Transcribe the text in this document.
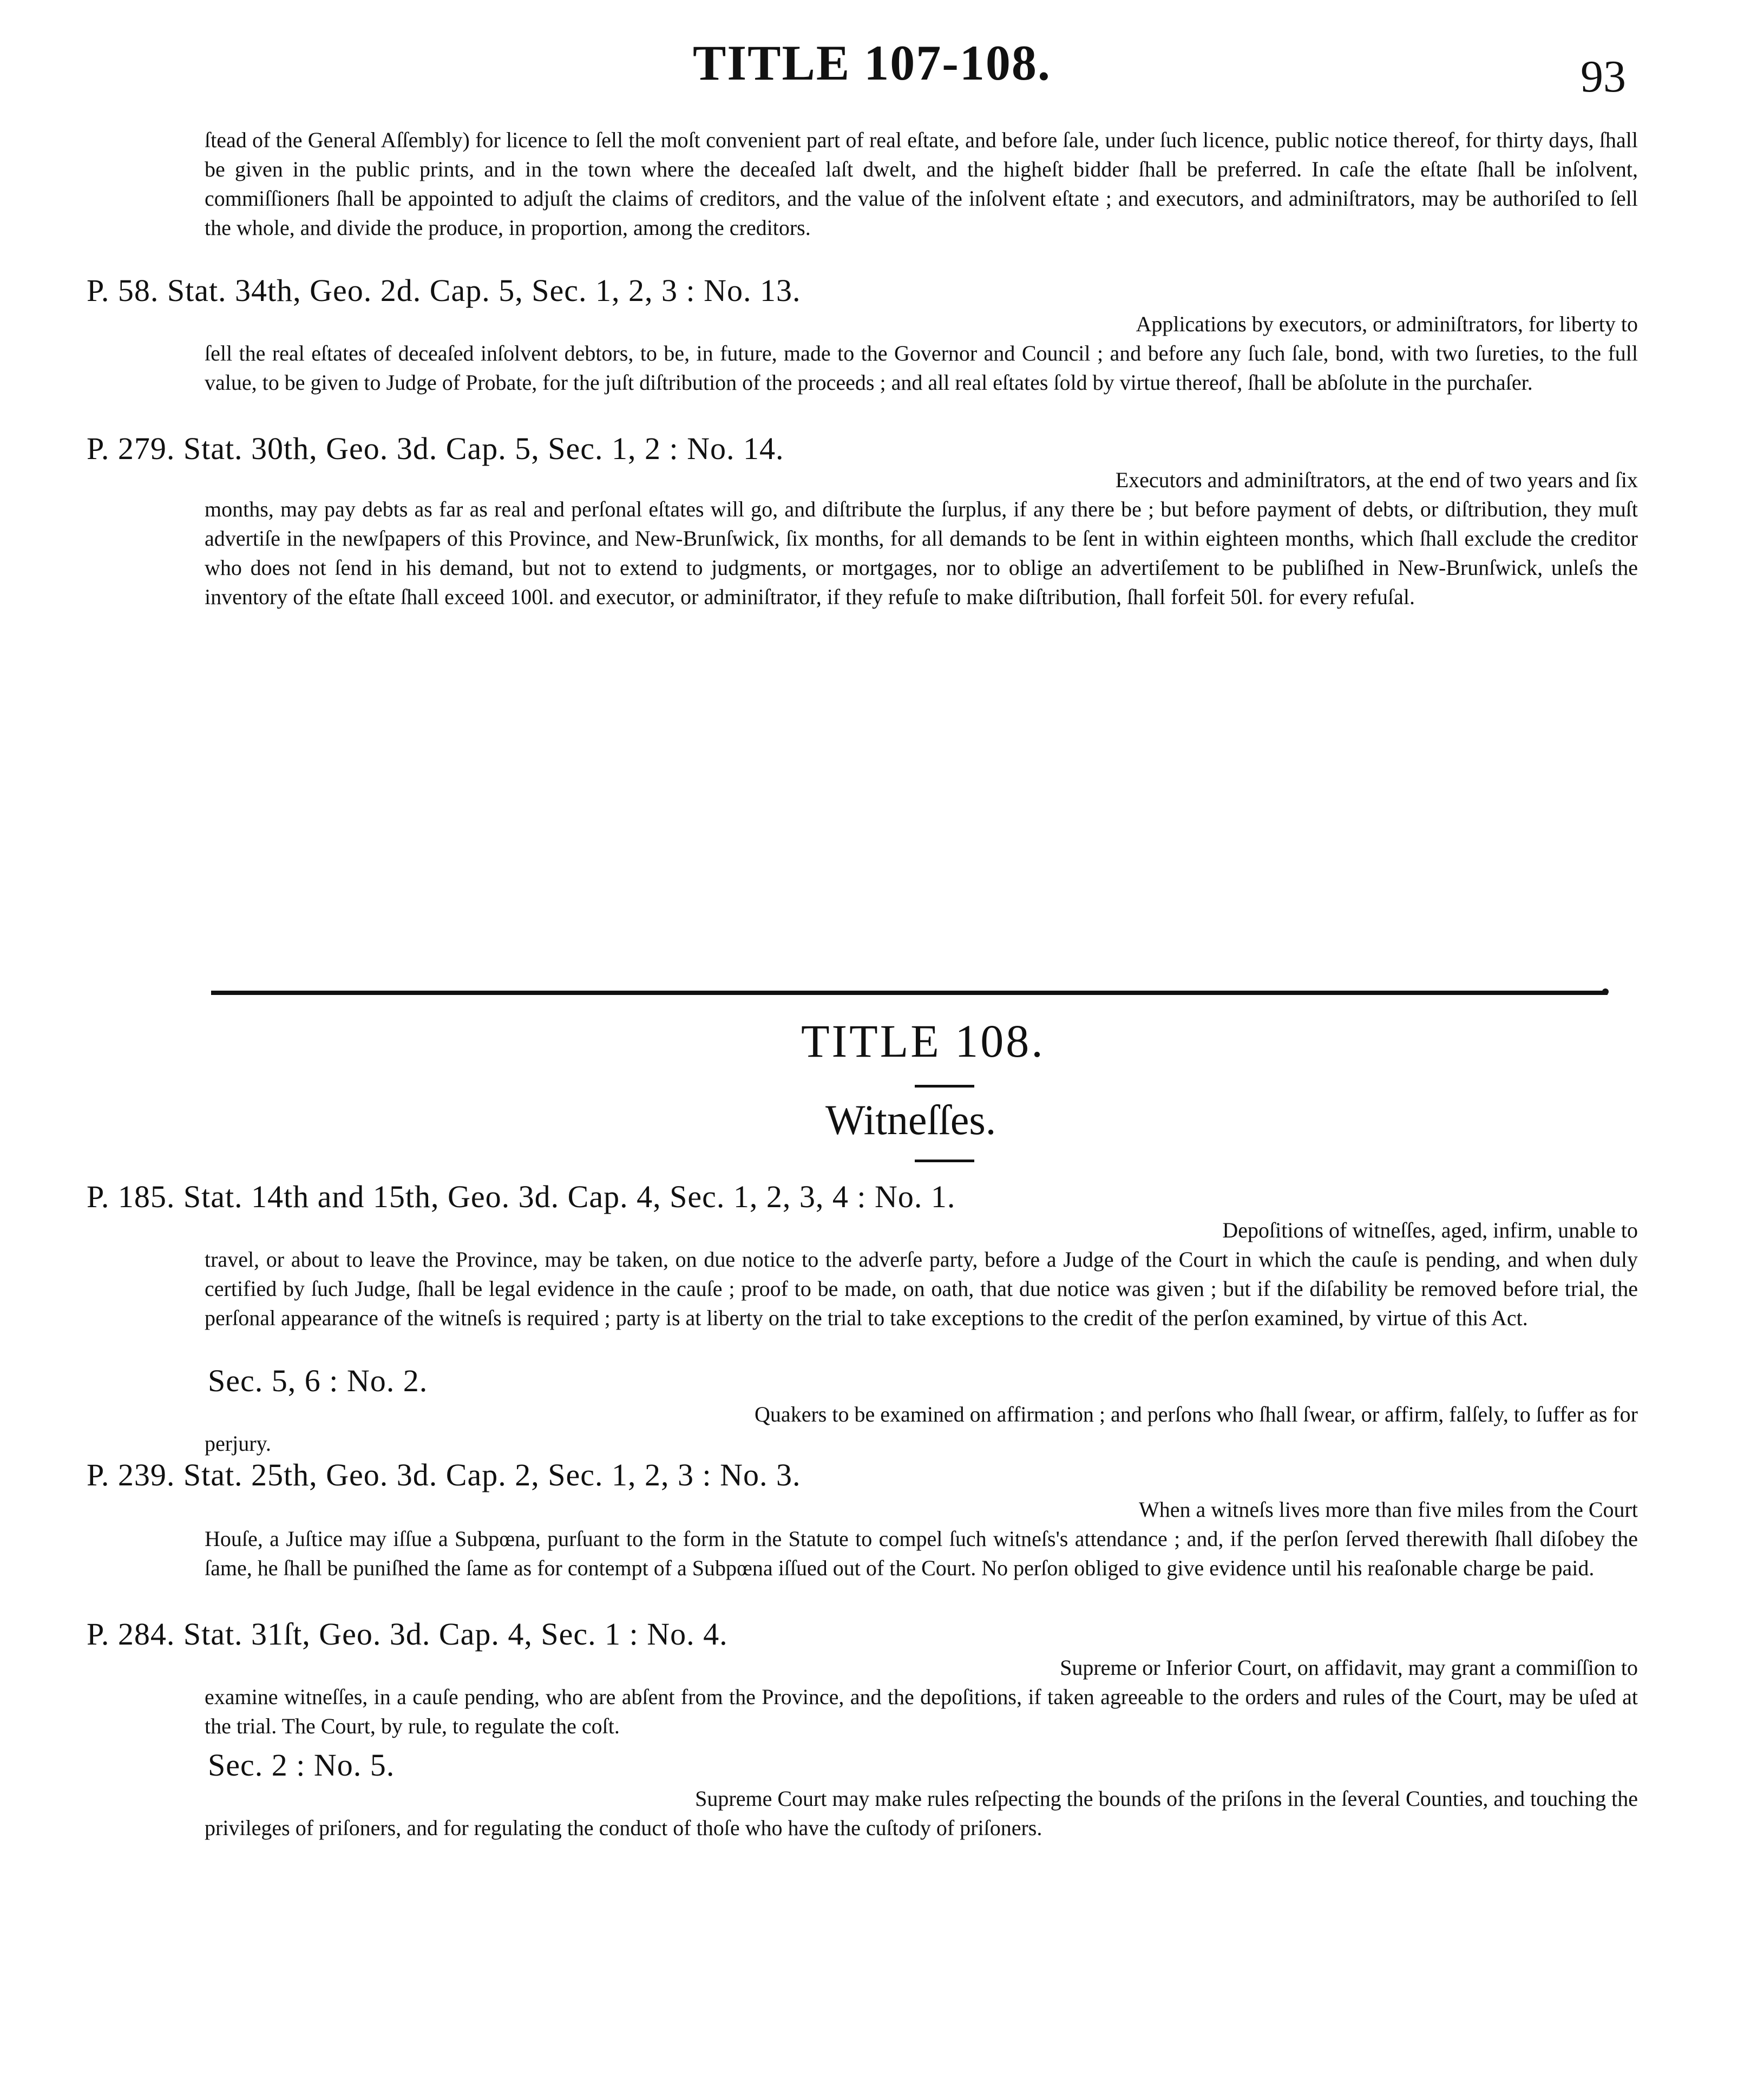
TITLE 107-108.	93
ſtead of the General Aſſembly) for licence to ſell the moſt convenient part of real eſtate, and before ſale, under ſuch licence, public notice thereof, for thirty days, ſhall be given in the public prints, and in the town where the deceaſed laſt dwelt, and the higheſt bidder ſhall be preferred. In caſe the eſtate ſhall be inſolvent, commiſſioners ſhall be appointed to adjuſt the claims of creditors, and the value of the inſolvent eſtate ; and executors, and adminiſtrators, may be authoriſed to ſell the whole, and divide the produce, in proportion, among the creditors.
P. 58. Stat. 34th, Geo. 2d. Cap. 5, Sec. 1, 2, 3 : No. 13.
Applications by executors, or adminiſtrators, for liberty to
ſell the real eſtates of deceaſed inſolvent debtors, to be, in future, made to the Governor and Council ; and before any ſuch ſale, bond, with two ſureties, to the full value, to be given to Judge of Probate, for the juſt diſtribution of the proceeds ; and all real eſtates ſold by virtue thereof, ſhall be abſolute in the purchaſer.
P. 279. Stat. 30th, Geo. 3d. Cap. 5, Sec. 1, 2 : No. 14.
Executors and adminiſtrators, at the end of two years and ſix
months, may pay debts as far as real and perſonal eſtates will go, and diſtribute the ſurplus, if any there be ; but before payment of debts, or diſtribution, they muſt advertiſe in the newſpapers of this Province, and New-Brunſwick, ſix months, for all demands to be ſent in within eighteen months, which ſhall exclude the creditor who does not ſend in his demand, but not to extend to judgments, or mortgages, nor to oblige an advertiſement to be publiſhed in New-Brunſwick, unleſs the inventory of the eſtate ſhall exceed 100l. and executor, or adminiſtrator, if they refuſe to make diſtribution, ſhall forfeit 50l. for every refuſal.
TITLE 108.
Witneſſes.
P. 185. Stat. 14th and 15th, Geo. 3d. Cap. 4, Sec. 1, 2, 3, 4 : No. 1.
Depoſitions of witneſſes, aged, infirm, unable to
travel, or about to leave the Province, may be taken, on due notice to the adverſe party, before a Judge of the Court in which the cauſe is pending, and when duly certified by ſuch Judge, ſhall be legal evidence in the cauſe ; proof to be made, on oath, that due notice was given ; but if the diſability be removed before trial, the perſonal appearance of the witneſs is required ; party is at liberty on the trial to take exceptions to the credit of the perſon examined, by virtue of this Act.
Sec. 5, 6 : No. 2.
Quakers to be examined on affirmation ; and perſons who ſhall ſwear, or affirm, falſely, to ſuffer as for
perjury.
P. 239. Stat. 25th, Geo. 3d. Cap. 2, Sec. 1, 2, 3 : No. 3.
When a witneſs lives more than five miles from the Court
Houſe, a Juſtice may iſſue a Subpœna, purſuant to the form in the Statute to compel ſuch witneſs's attendance ; and, if the perſon ſerved therewith ſhall diſobey the ſame, he ſhall be puniſhed the ſame as for contempt of a Subpœna iſſued out of the Court. No perſon obliged to give evidence until his reaſonable charge be paid.
P. 284. Stat. 31ſt, Geo. 3d. Cap. 4, Sec. 1 : No. 4.
Supreme or Inferior Court, on affidavit, may grant a commiſſion to
examine witneſſes, in a cauſe pending, who are abſent from the Province, and the depoſitions, if taken agreeable to the orders and rules of the Court, may be uſed at the trial. The Court, by rule, to regulate the coſt.
Sec. 2 : No. 5.
Supreme Court may make rules reſpecting the bounds of the priſons in the ſeveral Counties, and touching the
privileges of priſoners, and for regulating the conduct of thoſe who have the cuſtody of priſoners.
